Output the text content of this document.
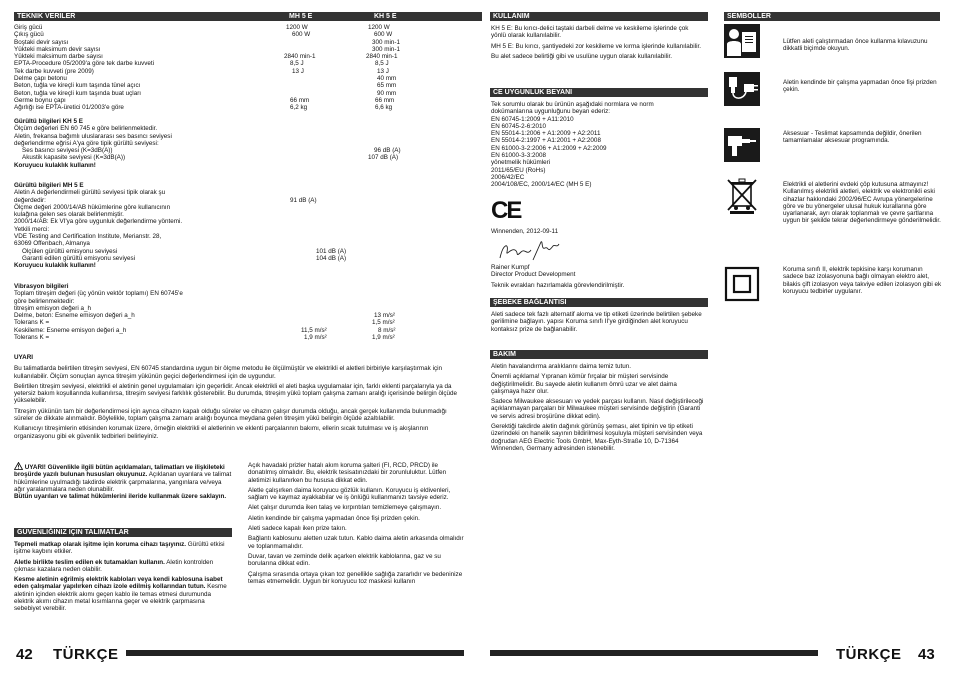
TEKNIK VERILER	MH 5 E	KH 5 E
Giriş gücü	1200 W	1200 W
Çıkış gücü	600 W	600 W
Boştaki devir sayısı	300 min-1
Yükteki maksimum devir sayısı	300 min-1
Yükteki maksimum darbe sayısı	2840 min-1	2840 min-1
EPTA-Procedure 05/2009'a göre tek darbe kuvveti	8,5 J	8,5 J
Tek darbe kuvveti (pre 2009)	13 J	13 J
Delme çapı betonu	40 mm
Beton, tuğla ve kireçli kum taşında tünel açıcı	65 mm
Beton, tuğla ve kireçli kum taşında buat uçları	90 mm
Germe boynu çapı	66 mm	66 mm
Ağırlığı ise EPTA-üretici 01/2003'e göre	6,2 kg	6,6 kg
Gürültü bilgileri KH 5 E
Ölçüm değerleri EN 60 745 e göre belirlenmektedir.
Aletin, frekansa bağımlı uluslararası ses basıncı seviyesi
değerlendirme eğrisi A'ya göre tipik gürültü seviyesi:
Ses basıncı seviyesi (K=3dB(A))	96 dB (A)
Akustik kapasite seviyesi (K=3dB(A))	107 dB (A)
Koruyucu kulaklık kullanın!
Gürültü bilgileri MH 5 E
Aletin A değerlendirmeli gürültü seviyesi tipik olarak şu
değerdedir:	91 dB (A)
Ölçme değeri 2000/14/AB hükümlerine göre kullanıcının
kulağına gelen ses olarak belirlenmiştir.
2000/14/AB: Ek VI'ya göre uygunluk değerlendirme yöntemi.
Yetkili merci:
VDE Testing and Certification Institute, Merianstr. 28,
63069 Offenbach, Almanya
Ölçülen gürültü emisyonu seviyesi	101 dB (A)
Garanti edilen gürültü emisyonu seviyesi	104 dB (A)
Koruyucu kulaklık kullanın!
Vibrasyon bilgileri
Toplam titreşim değeri (üç yönün vektör toplamı) EN 60745'e
göre belirlenmektedir:
titreşim emisyon değeri a_h
Delme, beton: Esneme emisyon değeri a_h	13 m/s²
Tolerans K =	1,5 m/s²
Keskileme: Esneme emisyon değeri a_h	11,5 m/s²	8 m/s²
Tolerans K =	1,9 m/s²	1,9 m/s²
UYARI

Bu talimatlarda belirtilen titreşim seviyesi, EN 60745 standardına uygun bir ölçme metodu ile ölçülmüştür ve elektrikli el aletleri birbiriyle karşılaştırmak için kullanılabilir. Ölçüm sonuçları ayrıca titreşim yükünün geçici değerlendirmesi için de uygundur.

Belirtilen titreşim seviyesi, elektrikli el aletinin genel uygulamaları için geçerlidir. Ancak elektrikli el aleti başka uygulamalar için, farklı eklenti parçalarıyla ya da yetersiz bakım koşullarında kullanılırsa, titreşim seviyesi farklılık gösterebilir. Bu durumda, titreşim yükü toplam çalışma zamanı aralığı içerisinde belirgin ölçüde yükselebilir.

Titreşim yükünün tam bir değerlendirmesi için ayrıca cihazın kapalı olduğu süreler ve cihazın çalışır durumda olduğu, ancak gerçek kullanımda bulunmadığı süreler de dikkate alınmalıdır. Böylelikle, toplam çalışma zamanı aralığı boyunca meydana gelen titreşim yükü belirgin ölçüde azaltılabilir.

Kullanıcıyı titreşimlerin etkisinden korumak üzere, örneğin elektrikli el aletlerinin ve eklenti parçalarının bakımı, ellerin sıcak tutulması ve iş akışlarının organizasyonu gibi ek güvenlik tedbirleri belirleyiniz.

UYARI! Güvenlikle ilgili bütün açıklamaları, talimatları ve ilişkileteki broşürde yazılı bulunan hususları okuyunuz. Açıklanan uyarılara ve talimat hükümlerine uyulmadığı takdirde elektrik çarpmalarına, yangınlara ve/veya ağır yaralanmalara neden olunabilir.
Bütün uyarıları ve talimat hükümlerini ileride kullanmak üzere saklayın.
GÜVENLIĞINIZ IÇIN TALIMATLAR

Tepmeli matkap olarak işitme için koruma cihazı taşıyınız. Gürültü etkisi işitme kaybını etkiler.

Aletle birlikte teslim edilen ek tutamakları kullanın. Aletin kontrolden çıkması kazalara neden olabilir.

Kesme aletinin eğrilmiş elektrik kabloları veya kendi kablosuna isabet eden çalışmalar yapılırken cihazı izole edilmiş kollarından tutun. Kesme aletinin içinden elektrik akımı geçen kablo ile temas etmesi durumunda elektrik akımı cihazın metal kısımlarına geçer ve elektrik çarpmasına sebebiyet verebilir.

Açık havadaki prizler hatalı akım koruma şalteri (FI, RCD, PRCD) ile donatılmış olmalıdır. Bu, elektrik tesisatınızdaki bir zorunluluktur. Lütfen aletimizi kullanırken bu hususa dikkat edin.

Aletle çalışırken daima koruyucu gözlük kullanın. Koruyucu iş eldivenleri, sağlam ve kaymaz ayakkabılar ve iş önlüğü kullanmanızı tavsiye ederiz.

Alet çalışır durumda iken talaş ve kırpıntıları temizlemeye çalışmayın.

Aletin kendinde bir çalışma yapmadan önce fişi prizden çekin.

Aleti sadece kapalı iken prize takın.

Bağlantı kablosunu aletten uzak tutun. Kablo daima aletin arkasında olmalıdır ve toplanmamalıdır.

Duvar, tavan ve zeminde delik açarken elektrik kablolarına, gaz ve su borularına dikkat edin.

Çalışma sırasında ortaya çıkan toz genellikle sağlığa zararlıdır ve bedeninize temas etmemelidir. Uygun bir koruyucu toz maskesi kullanın

42 TÜRKÇE
KULLANIM

KH 5 E: Bu kırıcı-delici taştaki darbeli delme ve keskileme işlerinde çok yönlü olarak kullanılabilir.

MH 5 E: Bu kırıcı, şantiyedeki zor keskileme ve kırma işlerinde kullanılabilir.

Bu alet sadece belirtiği gibi ve usulüne uygun olarak kullanılabilir.

CE UYGUNLUK BEYANI
Tek sorumlu olarak bu ürünün aşağıdaki normlara ve norm
dokümanlarına uygunluğunu beyan ederiz:
EN 60745-1:2009 + A11:2010
EN 60745-2-6:2010
EN 55014-1:2006 + A1:2009 + A2:2011
EN 55014-2:1997 + A1:2001 + A2:2008
EN 61000-3-2:2006 + A1:2009 + A2:2009
EN 61000-3-3:2008
yönetmelik hükümleri
2011/65/EU (RoHs)
2006/42/EC
2004/108/EC, 2000/14/EC (MH 5 E)
CE
Winnenden, 2012-09-11
Rainer Kumpf
Director Product Development
Teknik evrakları hazırlamakla görevlendirilmiştir.
ŞEBEKE BAĞLANTISI

Aleti sadece tek fazlı alternatif akıma ve tip etiketi üzerinde belirtilen şebeke gerilimine bağlayın. yapısı Koruma sınıfı II'ye girdiğinden alet koruyucu kontaksız prize de bağlanabilir.

BAKIM

Aletin havalandırma aralıklarını daima temiz tutun.

Önemli açıklama! Yıpranan kömür fırçalar bir müşteri servisinde değiştirilmelidir. Bu sayede aletin kullanım ömrü uzar ve alet daima çalışmaya hazır olur.

Sadece Milwaukee aksesuarı ve yedek parçası kullanın. Nasıl değiştirileceği açıklanmayan parçaları bir Milwaukee müşteri servisinde değiştirin (Garanti ve servis adresi broşürüne dikkat edin).

Gerektiği takdirde aletin dağınık görünüş şeması, alet tipinin ve tip etiketi üzerindeki on hanelik sayının bildirilmesi koşuluyla müşteri servisinden veya doğrudan AEG Electric Tools GmbH, Max-Eyth-Straße 10, D-71364 Winnenden, Germany adresinden istenebilir.

SEMBOLLER
Lütfen aleti çalıştırmadan önce kullanma kılavuzunu dikkatli biçimde okuyun.
Aletin kendinde bir çalışma yapmadan önce fişi prizden çekin.
Aksesuar - Teslimat kapsamında değildir, önerilen tamamlamalar aksesuar programında.
Elektrikli el aletlerini evdeki çöp kutusuna atmayınız! Kullanılmış elektrikli aletleri, elektrik ve elektronikli eski cihazlar hakkındaki 2002/96/EC Avrupa yönergelerine göre ve bu yönergeler ulusal hukuk kurallarına göre uyarlanarak, ayrı olarak toplanmalı ve çevre şartlarına uygun bir şekilde tekrar değerlendirmeye gönderilmelidir.
Koruma sınıfı II, elektrik tepkisine karşı korumanın sadece baz izolasyonuna bağlı olmayan elektro alet, bilakis çift izolasyon veya takviye edilen izolasyon gibi ek koruyucu tedbirler uygulanır.
TÜRKÇE 43
